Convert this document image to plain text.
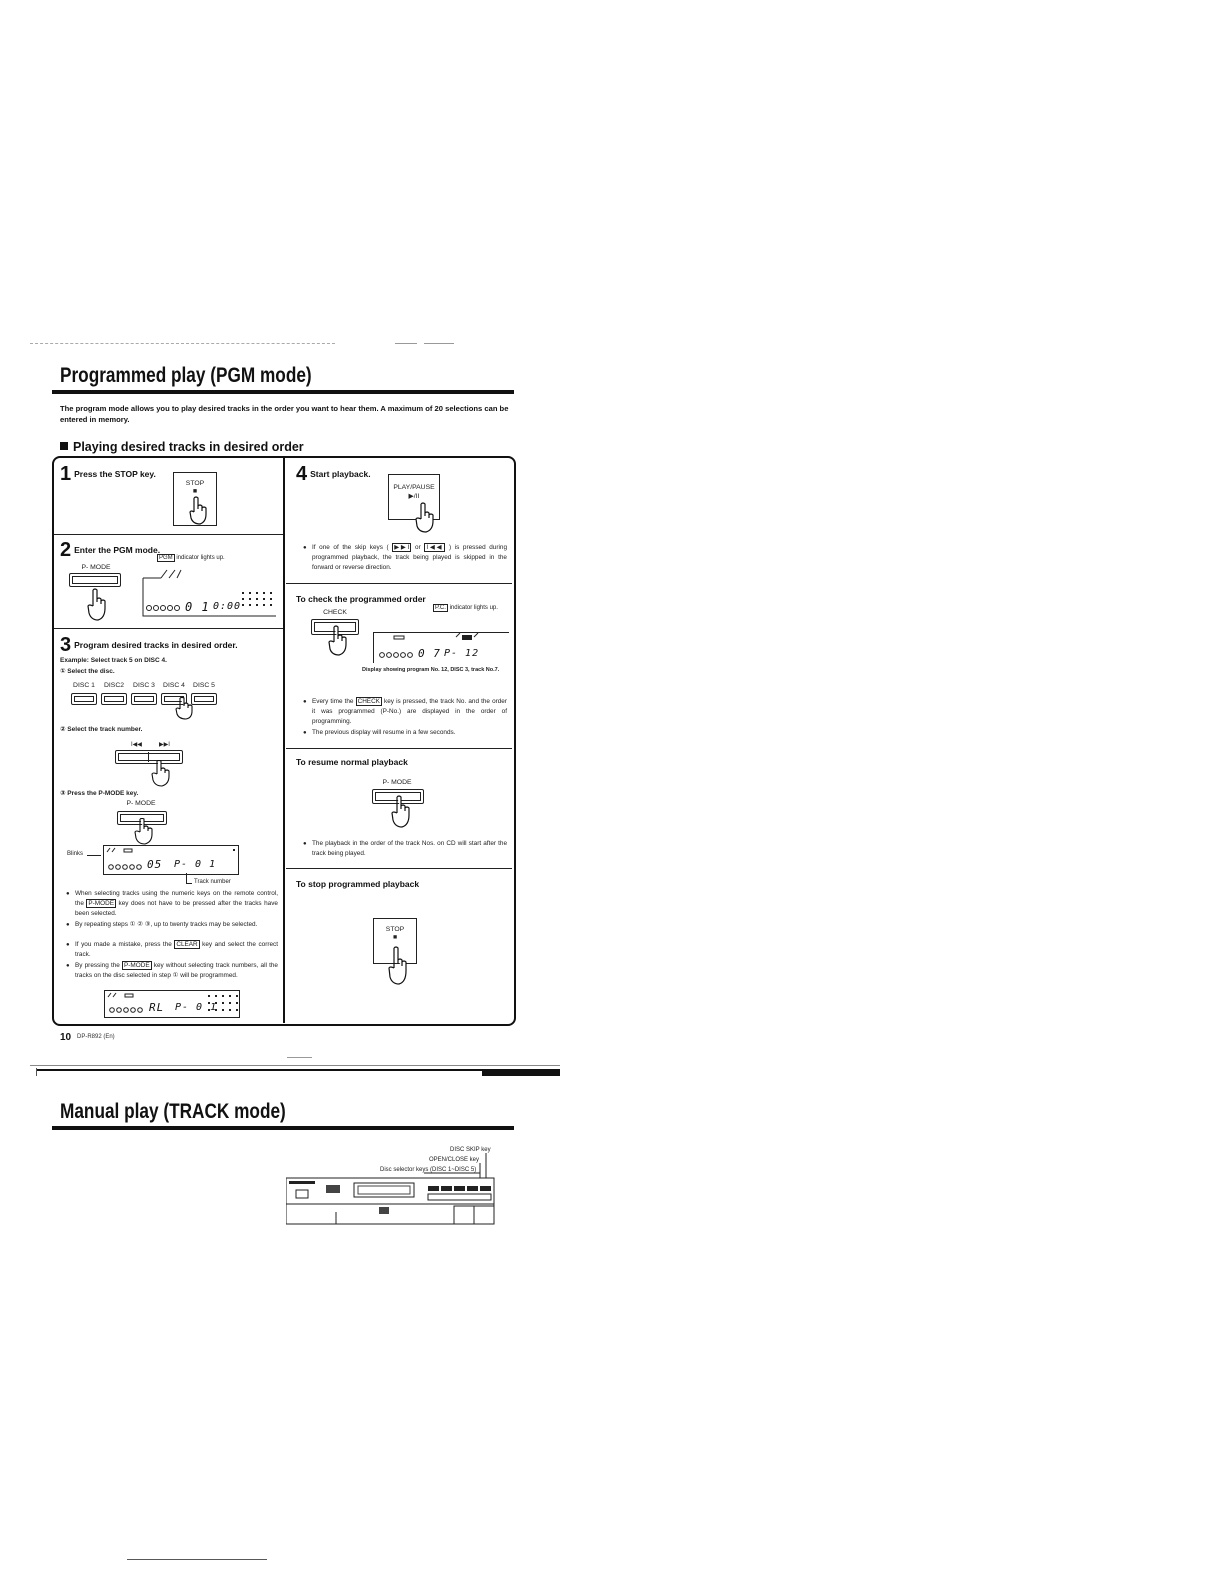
Programmed play (PGM mode)
The program mode allows you to play desired tracks in the order you want to hear them. A maximum of 20 selections can be entered in memory.
Playing desired tracks in desired order
1 Press the STOP key.
STOP
■
2 Enter the PGM mode.
P- MODE
PGM indicator lights up.
0 1 0:00
3 Program desired tracks in desired order.
Example: Select track 5 on DISC 4.
① Select the disc.
DISC 1	DISC2	DISC 3	DISC 4	DISC 5
② Select the track number.
I◀◀	▶▶I
③ Press the P-MODE key.
P- MODE
Blinks
05 P- 0 1
Track number
● When selecting tracks using the numeric keys on the remote control, the P-MODE key does not have to be pressed after the tracks have been selected.
● By repeating steps ① ② ③, up to twenty tracks may be selected.
● If you made a mistake, press the CLEAR key and select the correct track.
● By pressing the P-MODE key without selecting track numbers, all the tracks on the disc selected in step ① will be programmed.
RL P- 0 1
4 Start playback.
PLAY/PAUSE
▶/II
● If one of the skip keys ( ▶▶I or I◀◀ ) is pressed during programmed playback, the track being played is skipped in the forward or reverse direction.
To check the programmed order
CHECK
P.C. indicator lights up.
0 7 P- 12
Display showing program No. 12, DISC 3, track No.7.
● Every time the CHECK key is pressed, the track No. and the order it was programmed (P-No.) are displayed in the order of programming.
● The previous display will resume in a few seconds.
To resume normal playback
P- MODE
● The playback in the order of the track Nos. on CD will start after the track being played.
To stop programmed playback
STOP
■
10 DP-R892 (En)
Manual play (TRACK mode)
DISC SKIP key
OPEN/CLOSE key
Disc selector keys (DISC 1~DISC 5)
